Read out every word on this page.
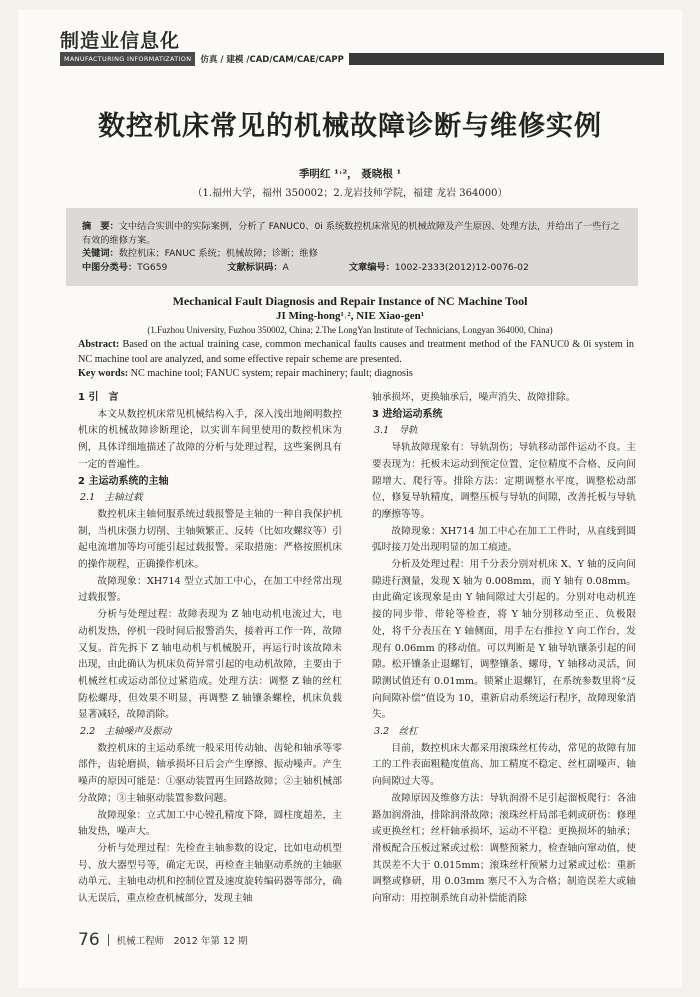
制造业信息化
MANUFACTURING INFORMATIZATION	仿真 / 建模 /CAD/CAM/CAE/CAPP
数控机床常见的机械故障诊断与维修实例
季明红 ¹˒²， 聂晓根 ¹
（1.福州大学，福州 350002；2.龙岩技师学院，福建 龙岩 364000）
摘　要：文中结合实训中的实际案例，分析了 FANUC0、0i 系统数控机床常见的机械故障及产生原因、处理方法，并给出了一些行之有效的维修方案。
关键词：数控机床；FANUC 系统；机械故障；诊断；维修
中图分类号：TG659	文献标识码：A	文章编号：1002-2333(2012)12-0076-02
Mechanical Fault Diagnosis and Repair Instance of NC Machine Tool
JI Ming-hong¹˒², NIE Xiao-gen¹
(1.Fuzhou University, Fuzhou 350002, China; 2.The LongYan Institute of Technicians, Longyan 364000, China)
Abstract: Based on the actual training case, common mechanical faults causes and treatment method of the FANUC0 & 0i system in NC machine tool are analyzed, and some effective repair scheme are presented.
Key words: NC machine tool; FANUC system; repair machinery; fault; diagnosis
1 引　言
本文从数控机床常见机械结构入手，深入浅出地阐明数控机床的机械故障诊断理论，以实训车间里使用的数控机床为例，具体详细地描述了故障的分析与处理过程，这些案例具有一定的普遍性。
2 主运动系统的主轴
2.1　主轴过载
数控机床主轴伺服系统过载报警是主轴的一种自我保护机制，当机床强力切削、主轴频繁正、反转（比如攻螺纹等）引起电流增加等均可能引起过载报警。采取措施：严格按照机床的操作规程，正确操作机床。
故障现象：XH714 型立式加工中心，在加工中经常出现过载报警。
分析与处理过程：故障表现为 Z 轴电动机电流过大，电动机发热，停机一段时间后报警消失，接着再工作一阵，故障又复。首先拆下 Z 轴电动机与机械脱开，再运行时该故障未出现，由此确认为机床负荷异常引起的电动机故障，主要由于机械丝杠或运动部位过紧造成。处理方法：调整 Z 轴的丝杠防松螺母，但效果不明显，再调整 Z 轴镶条螺栓，机床负载显著减轻，故障消除。
2.2　主轴噪声及振动
数控机床的主运动系统一般采用传动轴、齿轮和轴承等零部件，齿轮磨损，轴承损坏日后会产生摩擦、振动噪声。产生噪声的原因可能是：①驱动装置再生回路故障；②主轴机械部分故障；③主轴驱动装置参数问题。
故障现象：立式加工中心镗孔精度下降，圆柱度超差，主轴发热，噪声大。
分析与处理过程：先检查主轴参数的设定，比如电动机型号、放大器型号等，确定无误，再检查主轴驱动系统的主轴驱动单元、主轴电动机和控制位置及速度旋转编码器等部分，确认无误后，重点检查机械部分，发现主轴
轴承损坏，更换轴承后，噪声消失、故障排除。
3 进给运动系统
3.1　导轨
导轨故障现象有：导轨刮伤；导轨移动部件运动不良。主要表现为：托板未运动到预定位置、定位精度不合格、反向间隙增大、爬行等。排除方法：定期调整水平度，调整松动部位，修复导轨精度，调整压板与导轨的间隙，改善托板与导轨的摩擦等等。
故障现象：XH714 加工中心在加工工件时，从直线到圆弧时接刀处出现明显的加工痕迹。
分析及处理过程：用千分表分别对机床 X、Y 轴的反向间隙进行测量，发现 X 轴为 0.008mm，而 Y 轴有 0.08mm。由此确定该现象是由 Y 轴间隙过大引起的。分别对电动机连接的同步带、带轮等检查，将 Y 轴分别移动至正、负极限处，将千分表压在 Y 轴侧面，用手左右推拉 Y 向工作台，发现有 0.06mm 的移动值。可以判断是 Y 轴导轨镶条引起的间隙。松开镶条止退螺钉，调整镶条、螺母，Y 轴移动灵活，间隙测试值还有 0.01mm。锁紧止退螺钉，在系统参数里将“反向间隙补偿”值设为 10，重新启动系统运行程序，故障现象消失。
3.2　丝杠
目前，数控机床大都采用滚珠丝杠传动，常见的故障有加工的工件表面粗糙度值高、加工精度不稳定、丝杠副噪声、轴向间隙过大等。
故障原因及维修方法：导轨润滑不足引起溜板爬行：各油路加润滑油，排除润滑故障；滚珠丝杆局部毛刺或研伤：修理或更换丝杠；丝杆轴承损坏，运动不平稳：更换损坏的轴承；滑板配合压板过紧或过松：调整预紧力，检查轴向窜动值，使其误差不大于 0.015mm；滚珠丝杆预紧力过紧或过松：重新调整或修研，用 0.03mm 塞尺不入为合格；制造误差大或轴向窜动：用控制系统自动补偿能消除
76 机械工程师　2012 年第 12 期
